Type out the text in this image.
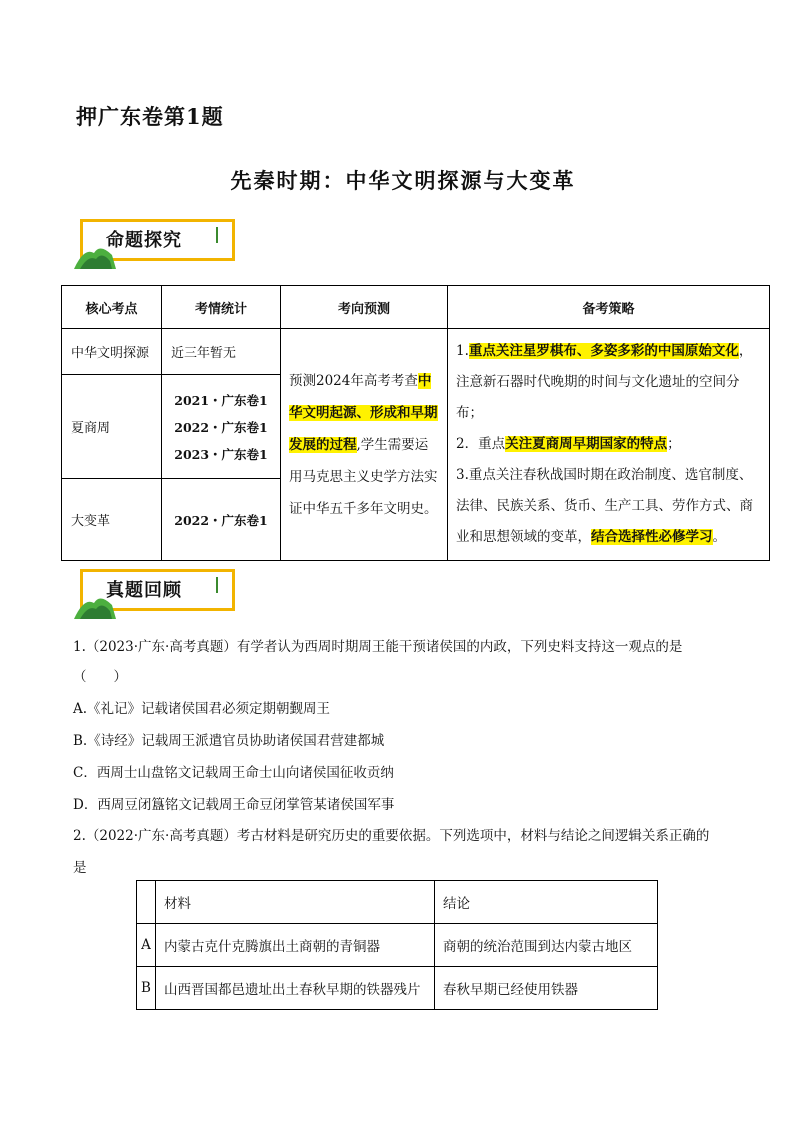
押广东卷第1题
先秦时期：中华文明探源与大变革
命题探究
核心考点	考情统计	考向预测	备考策略
中华文明探源	近三年暂无	预测2024年高考考查中华文明起源、形成和早期发展的过程,学生需要运用马克思主义史学方法实证中华五千多年文明史。	1.重点关注星罗棋布、多姿多彩的中国原始文化，注意新石器时代晚期的时间与文化遗址的空间分布；
2．重点关注夏商周早期国家的特点；
3.重点关注春秋战国时期在政治制度、选官制度、法律、民族关系、货币、生产工具、劳作方式、商业和思想领域的变革，结合选择性必修学习。

夏商周	2021・广东卷1
2022・广东卷1
2023・广东卷1		

大变革	2022・广东卷1		
真题回顾
1.（2023·广东·高考真题）有学者认为西周时期周王能干预诸侯国的内政，下列史料支持这一观点的是
（　　）
A.《礼记》记载诸侯国君必须定期朝觐周王
B.《诗经》记载周王派遣官员协助诸侯国君营建都城
C．西周士山盘铭文记载周王命士山向诸侯国征收贡纳
D．西周豆闭簋铭文记载周王命豆闭掌管某诸侯国军事
2.（2022·广东·高考真题）考古材料是研究历史的重要依据。下列选项中，材料与结论之间逻辑关系正确的
是
	材料	结论
A	内蒙古克什克腾旗出土商朝的青铜器	商朝的统治范围到达内蒙古地区
B	山西晋国都邑遗址出土春秋早期的铁器残片	春秋早期已经使用铁器
